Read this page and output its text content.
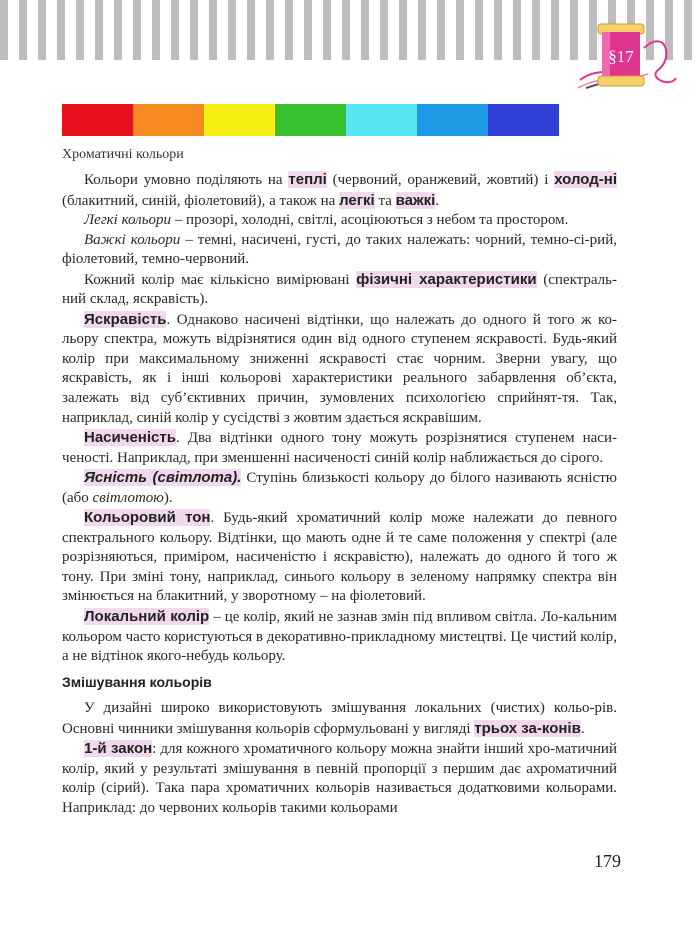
§17
Хроматичні кольори

Кольори умовно поділяють на теплі (червоний, оранжевий, жовтий) і холод-ні (блакитний, синій, фіолетовий), а також на легкі та важкі.

Легкі кольори – прозорі, холодні, світлі, асоціюються з небом та простором.

Важкі кольори – темні, насичені, густі, до таких належать: чорний, темно-сі-рий, фіолетовий, темно-червоний.

Кожний колір має кількісно вимірювані фізичні характеристики (спектраль-ний склад, яскравість).

Яскравість. Однаково насичені відтінки, що належать до одного й того ж ко-льору спектра, можуть відрізнятися один від одного ступенем яскравості. Будь-який колір при максимальному зниженні яскравості стає чорним. Зверни увагу, що яскравість, як і інші кольорові характеристики реального забарвлення об’єкта, залежать від суб’єктивних причин, зумовлених психологією сприйнят-тя. Так, наприклад, синій колір у сусідстві з жовтим здається яскравішим.

Насиченість. Два відтінки одного тону можуть розрізнятися ступенем наси-ченості. Наприклад, при зменшенні насиченості синій колір наближається до сірого.

Ясність (світлота). Ступінь близькості кольору до білого називають ясністю (або світлотою).

Кольоровий тон. Будь-який хроматичний колір може належати до певного спектрального кольору. Відтінки, що мають одне й те саме положення у спектрі (але розрізняються, приміром, насиченістю і яскравістю), належать до одного й того ж тону. При зміні тону, наприклад, синього кольору в зеленому напрямку спектра він змінюється на блакитний, у зворотному – на фіолетовий.

Локальний колір – це колір, який не зазнав змін під впливом світла. Ло-кальним кольором часто користуються в декоративно-прикладному мистецтві. Це чистий колір, а не відтінок якого-небудь кольору.

Змішування кольорів

У дизайні широко використовують змішування локальних (чистих) кольо-рів. Основні чинники змішування кольорів сформульовані у вигляді трьох за-конів.

1-й закон: для кожного хроматичного кольору можна знайти інший хро-матичний колір, який у результаті змішування в певній пропорції з першим дає ахроматичний колір (сірий). Така пара хроматичних кольорів називається додатковими кольорами. Наприклад: до червоних кольорів такими кольорами

179
